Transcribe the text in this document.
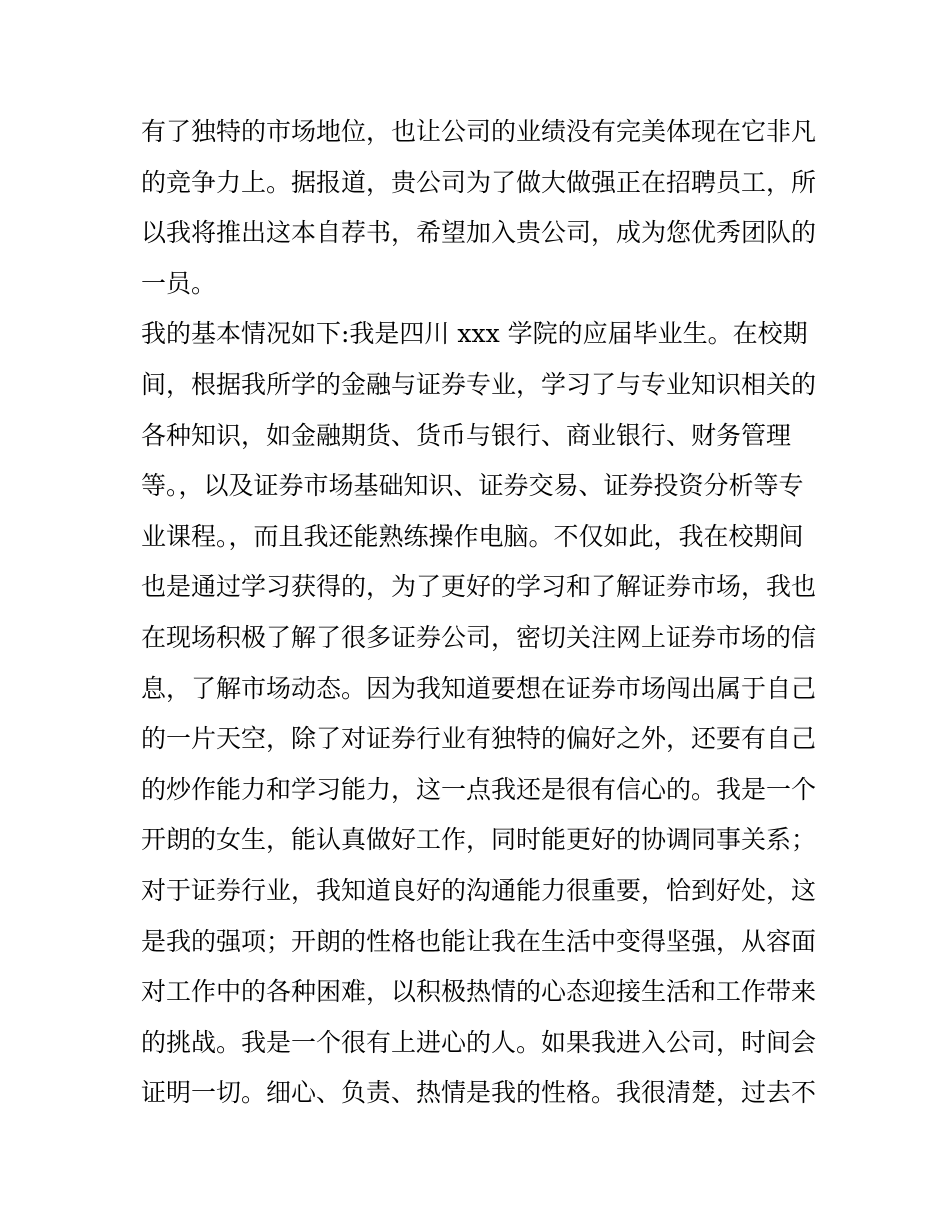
有了独特的市场地位，也让公司的业绩没有完美体现在它非凡
的竞争力上。据报道，贵公司为了做大做强正在招聘员工，所
以我将推出这本自荐书，希望加入贵公司，成为您优秀团队的
一员。
我的基本情况如下:我是四川 xxx 学院的应届毕业生。在校期
间，根据我所学的金融与证券专业，学习了与专业知识相关的
各种知识，如金融期货、货币与银行、商业银行、财务管理
等。，以及证券市场基础知识、证券交易、证券投资分析等专
业课程。，而且我还能熟练操作电脑。不仅如此，我在校期间
也是通过学习获得的，为了更好的学习和了解证券市场，我也
在现场积极了解了很多证券公司，密切关注网上证券市场的信
息，了解市场动态。因为我知道要想在证券市场闯出属于自己
的一片天空，除了对证券行业有独特的偏好之外，还要有自己
的炒作能力和学习能力，这一点我还是很有信心的。我是一个
开朗的女生，能认真做好工作，同时能更好的协调同事关系；
对于证券行业，我知道良好的沟通能力很重要，恰到好处，这
是我的强项；开朗的性格也能让我在生活中变得坚强，从容面
对工作中的各种困难，以积极热情的心态迎接生活和工作带来
的挑战。我是一个很有上进心的人。如果我进入公司，时间会
证明一切。细心、负责、热情是我的性格。我很清楚，过去不
